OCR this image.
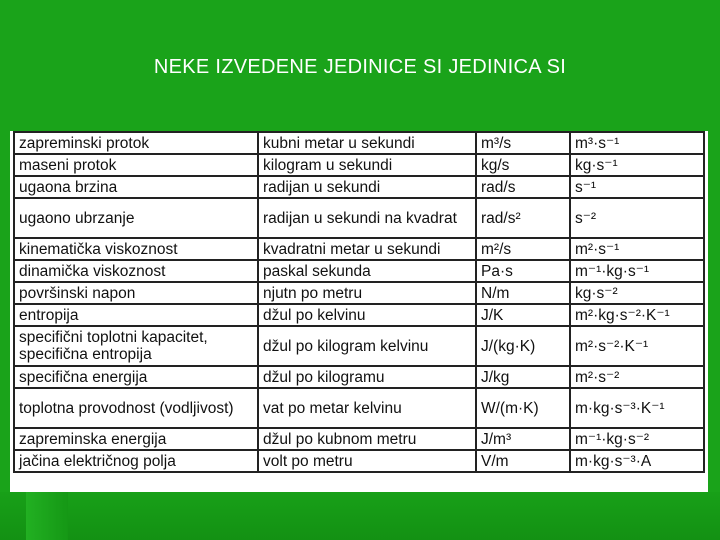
NEKE IZVEDENE JEDINICE SI JEDINICA SI
zapreminski protok	kubni metar u sekundi	m³/s	m³·s⁻¹
maseni protok	kilogram u sekundi	kg/s	kg·s⁻¹
ugaona brzina	radijan u sekundi	rad/s	s⁻¹
ugaono ubrzanje	radijan u sekundi na kvadrat	rad/s²	s⁻²
kinematička viskoznost	kvadratni metar u sekundi	m²/s	m²·s⁻¹
dinamička viskoznost	paskal sekunda	Pa·s	m⁻¹·kg·s⁻¹
površinski napon	njutn po metru	N/m	kg·s⁻²
entropija	džul po kelvinu	J/K	m²·kg·s⁻²·K⁻¹
specifični toplotni kapacitet, specifična entropija	džul po kilogram kelvinu	J/(kg·K)	m²·s⁻²·K⁻¹
specifična energija	džul po kilogramu	J/kg	m²·s⁻²
toplotna provodnost (vodljivost)	vat po metar kelvinu	W/(m·K)	m·kg·s⁻³·K⁻¹
zapreminska energija	džul po kubnom metru	J/m³	m⁻¹·kg·s⁻²
jačina električnog polja	volt po metru	V/m	m·kg·s⁻³·A
